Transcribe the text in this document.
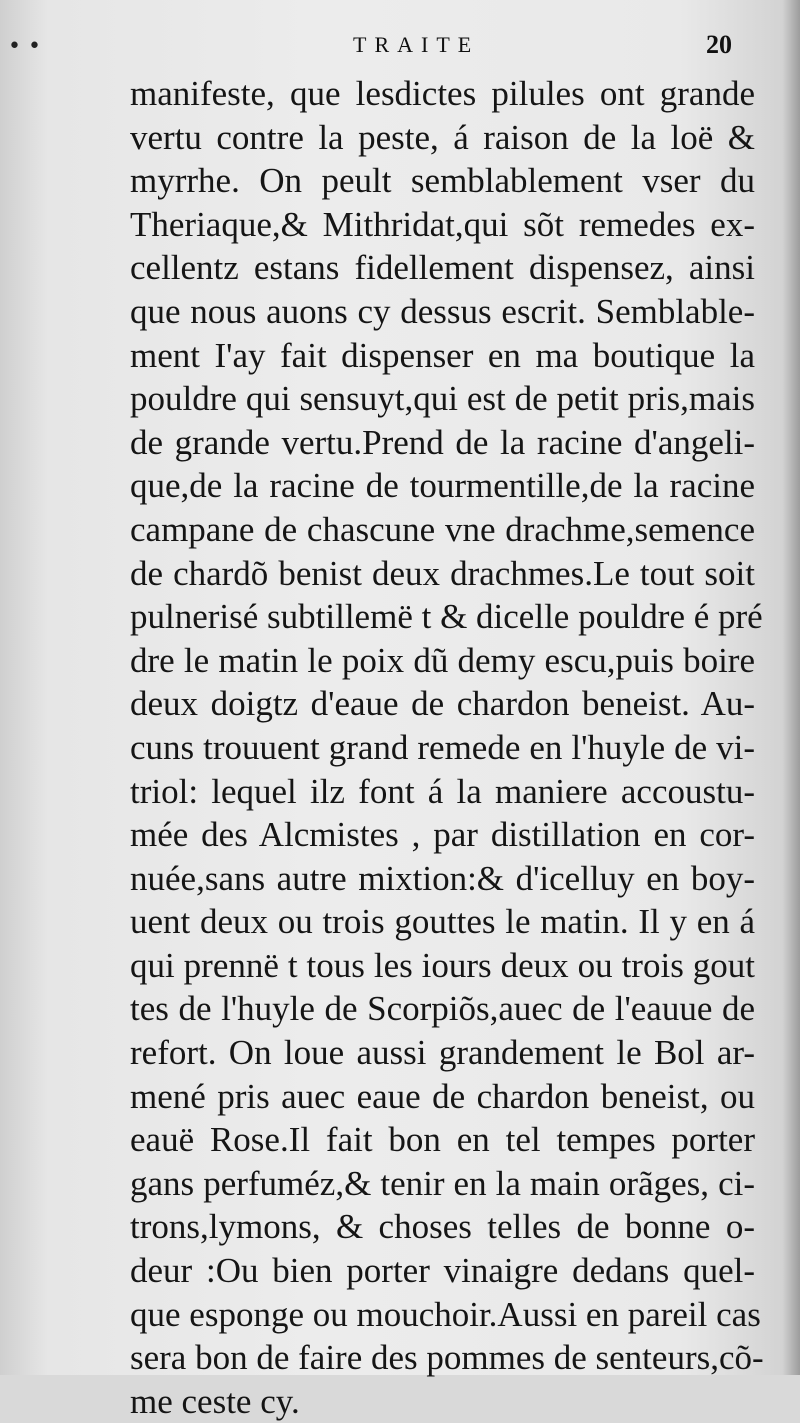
• •	TRAITE	20
manifeste, que lesdictes pilules ont grande
vertu contre la peste, á raison de la loë &
myrrhe. On peult semblablement vser du
Theriaque,& Mithridat,qui sõt remedes ex-
cellentz estans fidellement dispensez, ainsi
que nous auons cy dessus escrit. Semblable-
ment I'ay fait dispenser en ma boutique la
pouldre qui sensuyt,qui est de petit pris,mais
de grande vertu.Prend de la racine d'angeli-
que,de la racine de tourmentille,de la racine
campane de chascune vne drachme,semence
de chardõ benist deux drachmes.Le tout soit
pulnerisé subtillemë t & dicelle pouldre é pré
dre le matin le poix dũ demy escu,puis boire
deux doigtz d'eaue de chardon beneist. Au-
cuns trouuent grand remede en l'huyle de vi-
triol: lequel ilz font á la maniere accoustu-
mée des Alcmistes , par distillation en cor-
nuée,sans autre mixtion:& d'icelluy en boy-
uent deux ou trois gouttes le matin. Il y en á
qui prennë t tous les iours deux ou trois gout
tes de l'huyle de Scorpiõs,auec de l'eauue de
refort. On loue aussi grandement le Bol ar-
mené pris auec eaue de chardon beneist, ou
eauë Rose.Il fait bon en tel tempes porter
gans perfuméz,& tenir en la main orãges, ci-
trons,lymons, & choses telles de bonne o-
deur :Ou bien porter vinaigre dedans quel-
que esponge ou mouchoir.Aussi en pareil cas
sera bon de faire des pommes de senteurs,cõ-
me ceste cy.
